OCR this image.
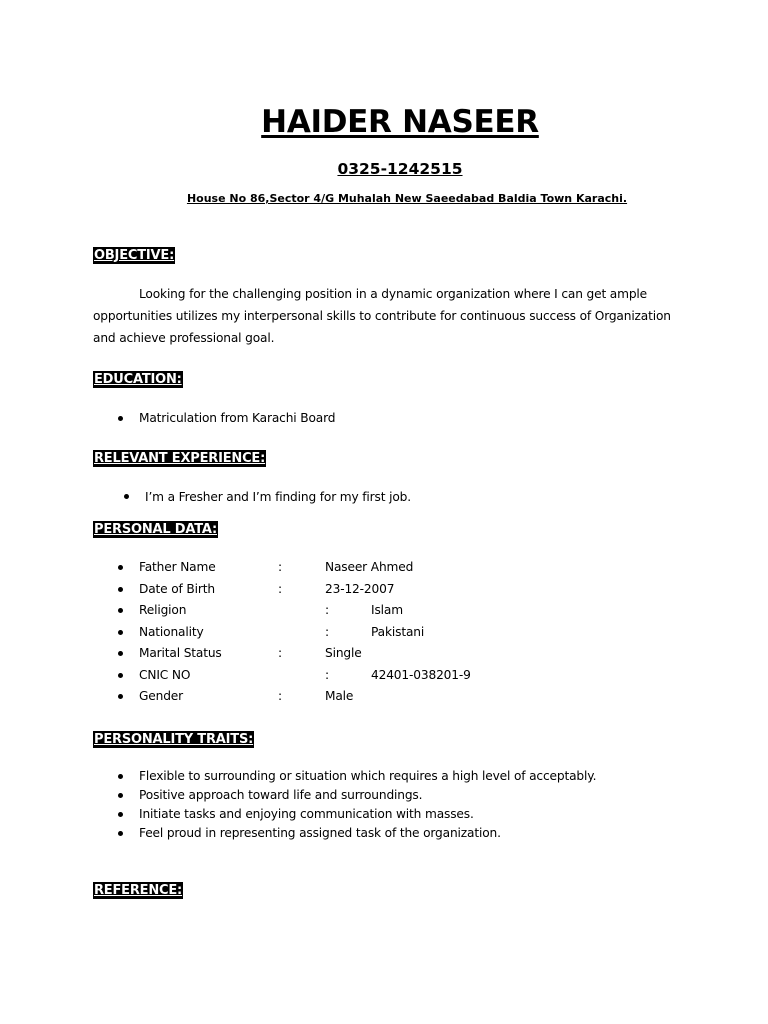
HAIDER NASEER
0325-1242515
House No 86,Sector 4/G Muhalah New Saeedabad Baldia Town Karachi.
OBJECTIVE:
Looking for the challenging position in a dynamic organization where I can get ample
opportunities utilizes my interpersonal skills to contribute for continuous success of Organization
and achieve professional goal.
EDUCATION:
Matriculation from Karachi Board
RELEVANT EXPERIENCE:
I’m a Fresher and I’m finding for my first job.
PERSONAL DATA:
Father Name	:	Naseer Ahmed
Date of Birth	:	23-12-2007
Religion	:	Islam
Nationality	:	Pakistani
Marital Status	:	Single
CNIC NO	:	42401-038201-9
Gender	:	Male
PERSONALITY TRAITS:
Flexible to surrounding or situation which requires a high level of acceptably.
Positive approach toward life and surroundings.
Initiate tasks and enjoying communication with masses.
Feel proud in representing assigned task of the organization.
REFERENCE:
